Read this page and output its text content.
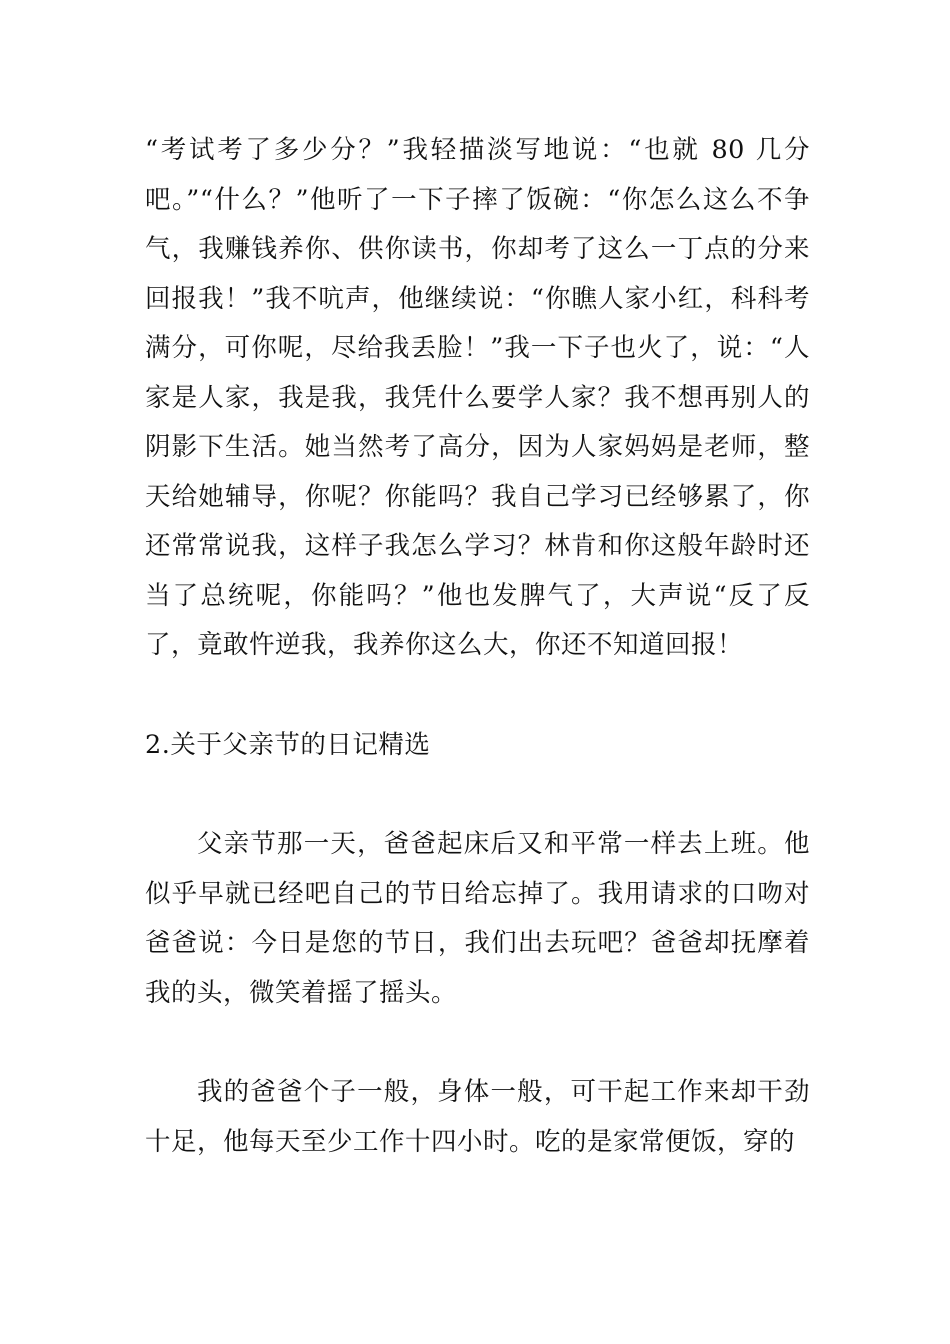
“考试考了多少分？”我轻描淡写地说：“也就 80 几分吧。”“什么？”他听了一下子摔了饭碗：“你怎么这么不争气，我赚钱养你、供你读书，你却考了这么一丁点的分来回报我！”我不吭声，他继续说：“你瞧人家小红，科科考满分，可你呢，尽给我丢脸！”我一下子也火了，说：“人家是人家，我是我，我凭什么要学人家？我不想再别人的阴影下生活。她当然考了高分，因为人家妈妈是老师，整天给她辅导，你呢？你能吗？我自己学习已经够累了，你还常常说我，这样子我怎么学习？林肯和你这般年龄时还当了总统呢，你能吗？”他也发脾气了，大声说“反了反了，竟敢忤逆我，我养你这么大，你还不知道回报！

2.关于父亲节的日记精选

父亲节那一天，爸爸起床后又和平常一样去上班。他似乎早就已经吧自己的节日给忘掉了。我用请求的口吻对爸爸说：今日是您的节日，我们出去玩吧？爸爸却抚摩着我的头，微笑着摇了摇头。

我的爸爸个子一般，身体一般，可干起工作来却干劲十足，他每天至少工作十四小时。吃的是家常便饭，穿的
